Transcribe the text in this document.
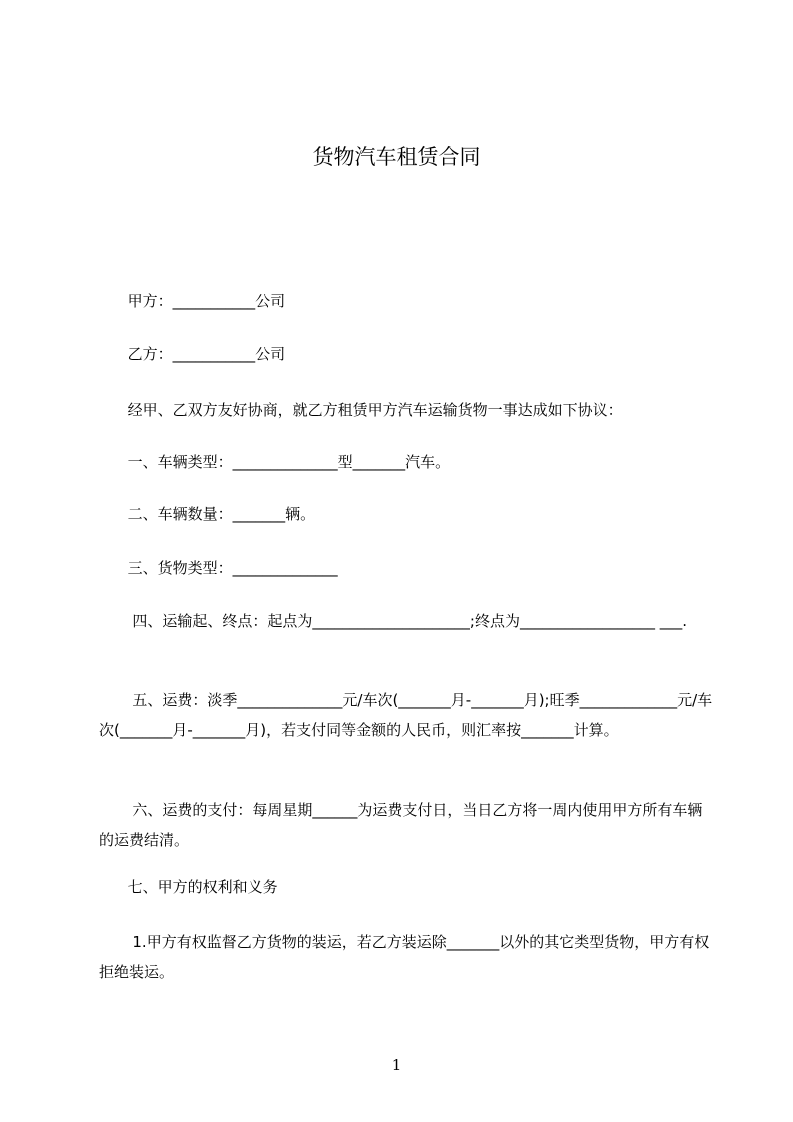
货物汽车租赁合同

甲方：___________公司

乙方：___________公司

经甲、乙双方友好协商，就乙方租赁甲方汽车运输货物一事达成如下协议：

一、车辆类型：______________型_______汽车。

二、车辆数量：_______辆。

三、货物类型：______________

四、运输起、终点：起点为_____________________;终点为__________________ ___.

五、运费：淡季______________元/车次(_______月-_______月);旺季_____________元/车次(_______月-_______月)，若支付同等金额的人民币，则汇率按_______计算。

六、运费的支付：每周星期______为运费支付日，当日乙方将一周内使用甲方所有车辆的运费结清。

七、甲方的权利和义务

1.甲方有权监督乙方货物的装运，若乙方装运除_______以外的其它类型货物，甲方有权拒绝装运。

1
